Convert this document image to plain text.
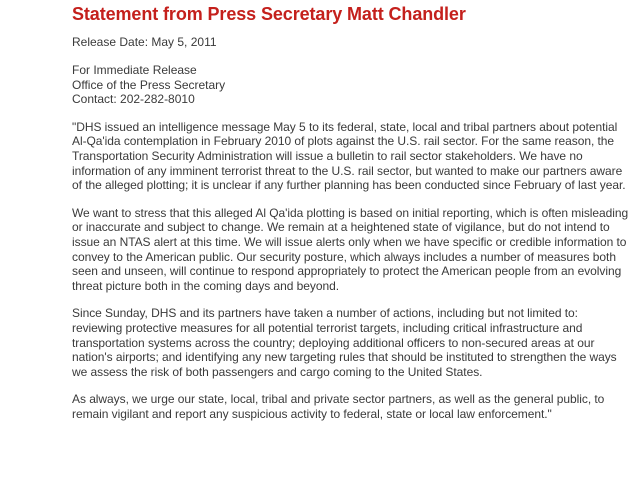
Statement from Press Secretary Matt Chandler
Release Date: May 5, 2011
For Immediate Release
Office of the Press Secretary
Contact: 202-282-8010

"DHS issued an intelligence message May 5 to its federal, state, local and tribal partners about potential Al-Qa'ida contemplation in February 2010 of plots against the U.S. rail sector. For the same reason, the Transportation Security Administration will issue a bulletin to rail sector stakeholders. We have no information of any imminent terrorist threat to the U.S. rail sector, but wanted to make our partners aware of the alleged plotting; it is unclear if any further planning has been conducted since February of last year.

We want to stress that this alleged Al Qa'ida plotting is based on initial reporting, which is often misleading or inaccurate and subject to change. We remain at a heightened state of vigilance, but do not intend to issue an NTAS alert at this time. We will issue alerts only when we have specific or credible information to convey to the American public. Our security posture, which always includes a number of measures both seen and unseen, will continue to respond appropriately to protect the American people from an evolving threat picture both in the coming days and beyond.

Since Sunday, DHS and its partners have taken a number of actions, including but not limited to: reviewing protective measures for all potential terrorist targets, including critical infrastructure and transportation systems across the country; deploying additional officers to non-secured areas at our nation's airports; and identifying any new targeting rules that should be instituted to strengthen the ways we assess the risk of both passengers and cargo coming to the United States.

As always, we urge our state, local, tribal and private sector partners, as well as the general public, to remain vigilant and report any suspicious activity to federal, state or local law enforcement."
